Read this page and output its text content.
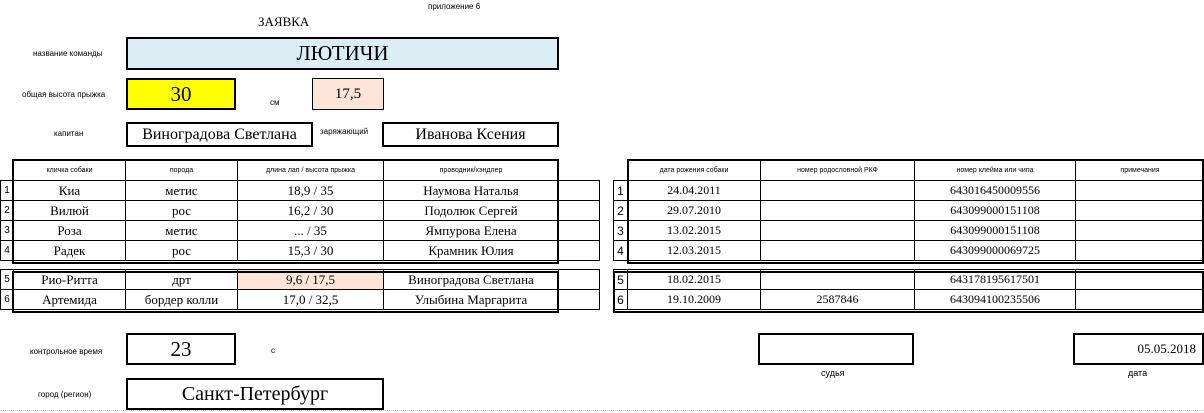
приложение 6
ЗАЯВКА
название команды	ЛЮТИЧИ
общая высота прыжка	30	см
17,5
капитан	Виноградова Светлана	заряжающий	Иванова Ксения
	кличка собаки	порода	длина лап / высота прыжка	проводник/хэндлер	
1	Киа	метис	18,9 / 35	Наумова Наталья	
2	Вилюй	рос	16,2 / 30	Подолюк Сергей	
3	Роза	метис	... / 35	Ямпурова Елена	
4	Радек	рос	15,3 / 30	Крамник Юлия	

5	Рио-Ритта	дрт	9,6 / 17,5	Виноградова Светлана	
6	Артемида	бордер колли	17,0 / 32,5	Улыбина Маргарита	
	дата рожения собаки	номер родословной РКФ	номер клейма или чипа	примечания
1	24.04.2011		643016450009556	
2	29.07.2010		643099000151108	
3	13.02.2015		643099000151108	
4	12.03.2015		643099000069725	

5	18.02.2015		643178195617501	
6	19.10.2009	2587846	643094100235506	
контрольное время	23	с
судья
05.05.2018
дата
город (регион)	Санкт-Петербург
